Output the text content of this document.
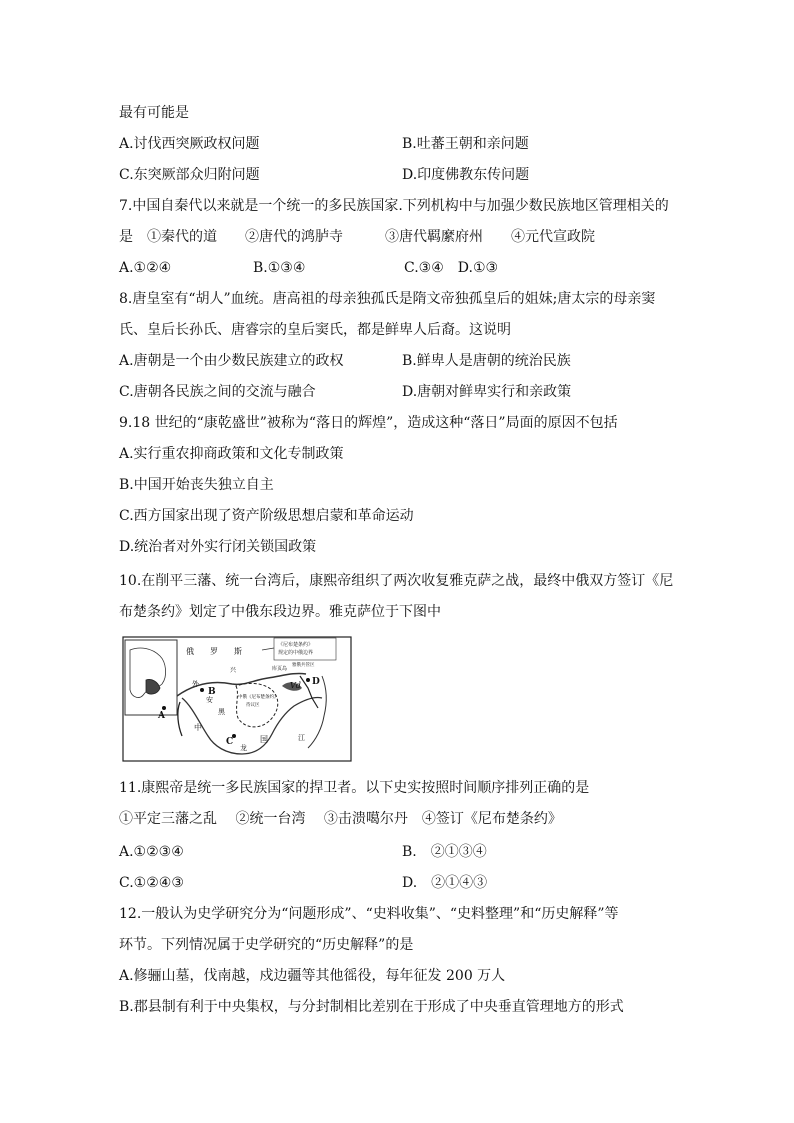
最有可能是
A.讨伐西突厥政权问题	B.吐蕃王朝和亲问题
C.东突厥部众归附问题	D.印度佛教东传问题
7.中国自秦代以来就是一个统一的多民族国家.下列机构中与加强少数民族地区管理相关的
是　①秦代的道　　②唐代的鸿胪寺　　　③唐代羁縻府州　　④元代宣政院
A.①②④	B.①③④	C.③④　D.①③
8.唐皇室有“胡人”血统。唐高祖的母亲独孤氏是隋文帝独孤皇后的姐妹;唐太宗的母亲窦
氏、皇后长孙氏、唐睿宗的皇后窦氏，都是鲜卑人后裔。这说明
A.唐朝是一个由少数民族建立的政权	B.鲜卑人是唐朝的统治民族
C.唐朝各民族之间的交流与融合	D.唐朝对鲜卑实行和亲政策
9.18 世纪的“康乾盛世”被称为“落日的辉煌”，造成这种“落日”局面的原因不包括
A.实行重农抑商政策和文化专制政策
B.中国开始丧失独立自主
C.西方国家出现了资产阶级思想启蒙和革命运动
D.统治者对外实行闭关锁国政策
10.在削平三藩、统一台湾后，康熙帝组织了两次收复雅克萨之战，最终中俄双方签订《尼
布楚条约》划定了中俄东段边界。雅克萨位于下图中
《尼布楚条约》
规定的中俄边界
雅俄共管区
俄　　罗　　斯
中
国
黑
龙
江
外
兴	库页岛
中俄《尼布楚条约》
待议区
安
B
A
C
D
Vd
11.康熙帝是统一多民族国家的捍卫者。以下史实按照时间顺序排列正确的是
①平定三藩之乱　 ②统一台湾　 ③击溃噶尔丹　④签订《尼布楚条约》
A.①②③④	B.　②①③④
C.①②④③	D.　②①④③
12.一般认为史学研究分为“问题形成”、“史料收集”、“史料整理”和“历史解释”等
环节。下列情况属于史学研究的“历史解释”的是
A.修骊山墓，伐南越，戍边疆等其他徭役，每年征发 200 万人
B.郡县制有利于中央集权，与分封制相比差别在于形成了中央垂直管理地方的形式
